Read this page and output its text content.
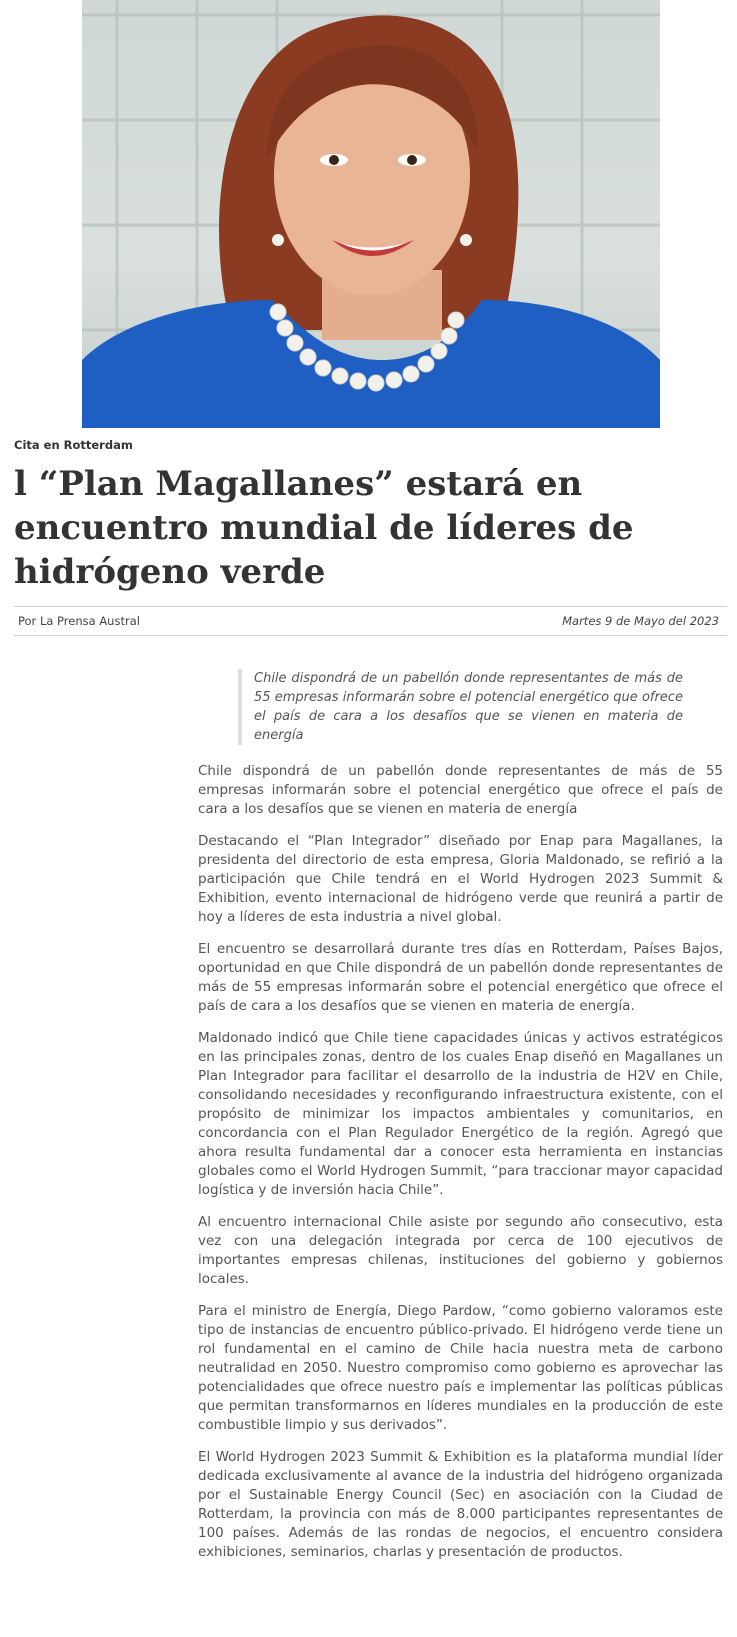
Cita en Rotterdam
l “Plan Magallanes” estará en encuentro mundial de líderes de hidrógeno verde
Por La Prensa Austral	Martes 9 de Mayo del 2023
Chile dispondrá de un pabellón donde representantes de más de 55 empresas informarán sobre el potencial energético que ofrece el país de cara a los desafíos que se vienen en materia de energía

Chile dispondrá de un pabellón donde representantes de más de 55 empresas informarán sobre el potencial energético que ofrece el país de cara a los desafíos que se vienen en materia de energía

Destacando el “Plan Integrador” diseñado por Enap para Magallanes, la presidenta del directorio de esta empresa, Gloria Maldonado, se refirió a la participación que Chile tendrá en el World Hydrogen 2023 Summit & Exhibition, evento internacional de hidrógeno verde que reunirá a partir de hoy a líderes de esta industria a nivel global.

El encuentro se desarrollará durante tres días en Rotterdam, Países Bajos, oportunidad en que Chile dispondrá de un pabellón donde representantes de más de 55 empresas informarán sobre el potencial energético que ofrece el país de cara a los desafíos que se vienen en materia de energía.

Maldonado indicó que Chile tiene capacidades únicas y activos estratégicos en las principales zonas, dentro de los cuales Enap diseñó en Magallanes un Plan Integrador para facilitar el desarrollo de la industria de H2V en Chile, consolidando necesidades y reconfigurando infraestructura existente, con el propósito de minimizar los impactos ambientales y comunitarios, en concordancia con el Plan Regulador Energético de la región. Agregó que ahora resulta fundamental dar a conocer esta herramienta en instancias globales como el World Hydrogen Summit, “para traccionar mayor capacidad logística y de inversión hacia Chile”.

Al encuentro internacional Chile asiste por segundo año consecutivo, esta vez con una delegación integrada por cerca de 100 ejecutivos de importantes empresas chilenas, instituciones del gobierno y gobiernos locales.

Para el ministro de Energía, Diego Pardow, “como gobierno valoramos este tipo de instancias de encuentro público-privado. El hidrógeno verde tiene un rol fundamental en el camino de Chile hacia nuestra meta de carbono neutralidad en 2050. Nuestro compromiso como gobierno es aprovechar las potencialidades que ofrece nuestro país e implementar las políticas públicas que permitan transformarnos en líderes mundiales en la producción de este combustible limpio y sus derivados”.

El World Hydrogen 2023 Summit & Exhibition es la plataforma mundial líder dedicada exclusivamente al avance de la industria del hidrógeno organizada por el Sustainable Energy Council (Sec) en asociación con la Ciudad de Rotterdam, la provincia con más de 8.000 participantes representantes de 100 países. Además de las rondas de negocios, el encuentro considera exhibiciones, seminarios, charlas y presentación de productos.
